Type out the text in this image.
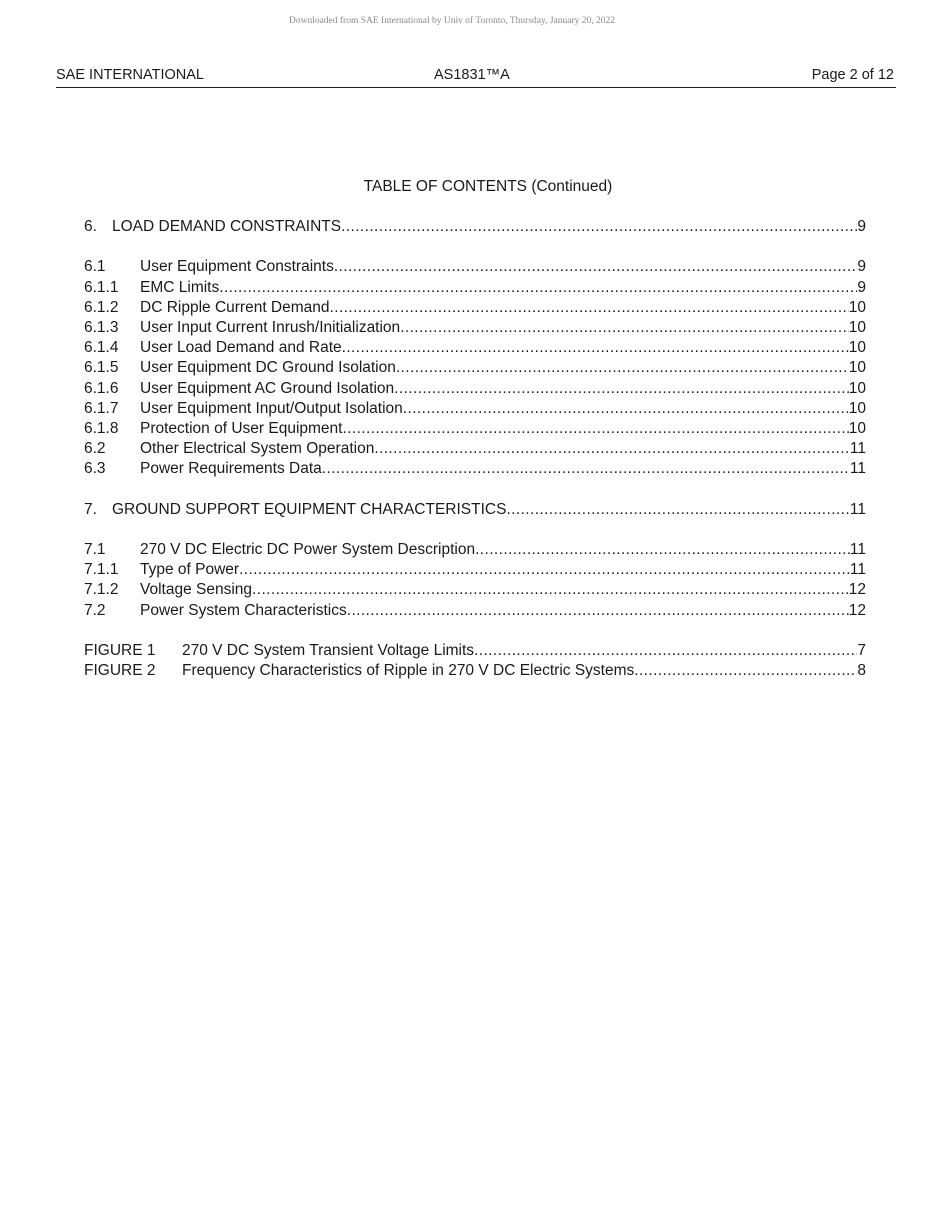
Downloaded from SAE International by Univ of Toronto, Thursday, January 20, 2022
SAE INTERNATIONAL	AS1831™A	Page 2 of 12
TABLE OF CONTENTS (Continued)
6. LOAD DEMAND CONSTRAINTS .....	9
6.1	User Equipment Constraints .....	9
6.1.1	EMC Limits .....	9
6.1.2	DC Ripple Current Demand .....	10
6.1.3	User Input Current Inrush/Initialization .....	10
6.1.4	User Load Demand and Rate .....	10
6.1.5	User Equipment DC Ground Isolation .....	10
6.1.6	User Equipment AC Ground Isolation .....	10
6.1.7	User Equipment Input/Output Isolation .....	10
6.1.8	Protection of User Equipment .....	10
6.2	Other Electrical System Operation .....	11
6.3	Power Requirements Data .....	11
7. GROUND SUPPORT EQUIPMENT CHARACTERISTICS .....	11
7.1	270 V DC Electric DC Power System Description .....	11
7.1.1	Type of Power .....	11
7.1.2	Voltage Sensing .....	12
7.2	Power System Characteristics .....	12
FIGURE 1	270 V DC System Transient Voltage Limits .....	7
FIGURE 2	Frequency Characteristics of Ripple in 270 V DC Electric Systems .....	8
